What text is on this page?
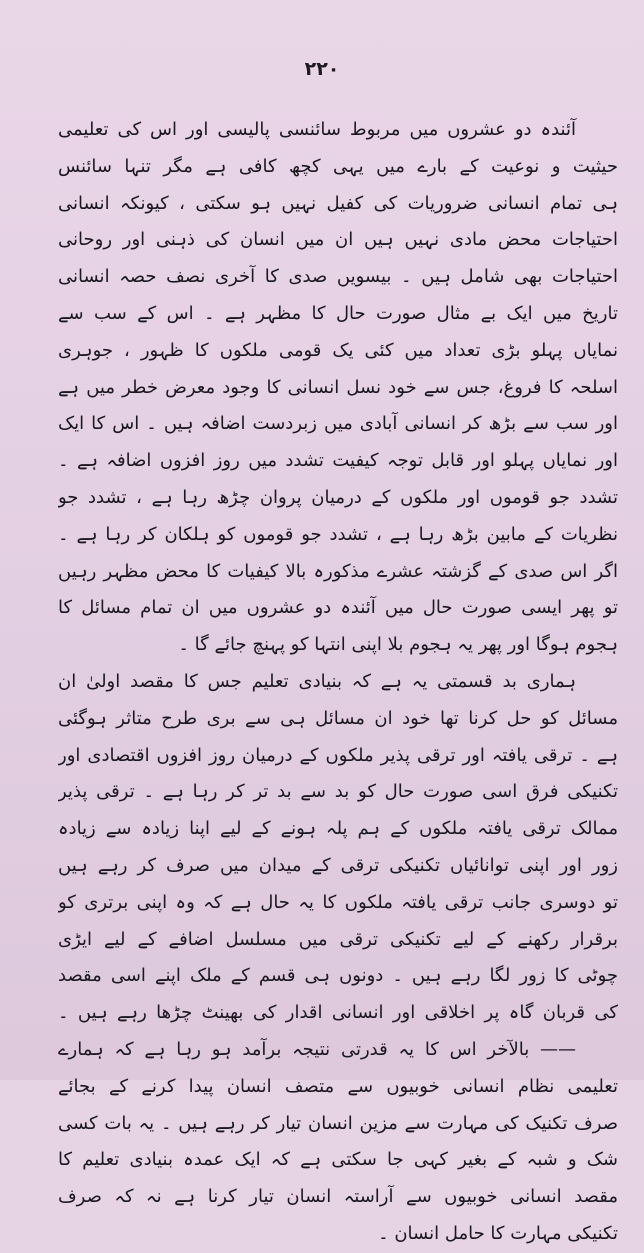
۲۲۰
آئندہ دو عشروں میں مربوط سائنسی پالیسی اور اس کی تعلیمی
حیثیت و نوعیت کے بارے میں یہی کچھ کافی ہے مگر تنہا سائنس
ہی تمام انسانی ضروریات کی کفیل نہیں ہو سکتی ، کیونکہ انسانی
احتیاجات محض مادی نہیں ہیں ان میں انسان کی ذہنی اور روحانی
احتیاجات بھی شامل ہیں ۔ بیسویں صدی کا آخری نصف حصہ انسانی
تاریخ میں ایک بے مثال صورت حال کا مظہر ہے ۔ اس کے سب سے
نمایاں پہلو بڑی تعداد میں کئی یک قومی ملکوں کا ظہور ، جوہری
اسلحہ کا فروغ، جس سے خود نسل انسانی کا وجود معرض خطر میں ہے
اور سب سے بڑھ کر انسانی آبادی میں زبردست اضافہ ہیں ۔ اس کا ایک
اور نمایاں پہلو اور قابل توجہ کیفیت تشدد میں روز افزوں اضافہ ہے ۔
تشدد جو قوموں اور ملکوں کے درمیان پروان چڑھ رہا ہے ، تشدد جو
نظریات کے مابین بڑھ رہا ہے ، تشدد جو قوموں کو ہلکان کر رہا ہے ۔
اگر اس صدی کے گزشتہ عشرے مذکورہ بالا کیفیات کا محض مظہر رہیں
تو پھر ایسی صورت حال میں آئندہ دو عشروں میں ان تمام مسائل کا
ہجوم ہوگا اور پھر یہ ہجوم بلا اپنی انتہا کو پہنچ جائے گا ۔
ہماری بد قسمتی یہ ہے کہ بنیادی تعلیم جس کا مقصد اولیٰ ان
مسائل کو حل کرنا تھا خود ان مسائل ہی سے بری طرح متاثر ہوگئی
ہے ۔ ترقی یافتہ اور ترقی پذیر ملکوں کے درمیان روز افزوں اقتصادی اور
تکنیکی فرق اسی صورت حال کو بد سے بد تر کر رہا ہے ۔ ترقی پذیر
ممالک ترقی یافتہ ملکوں کے ہم پلہ ہونے کے لیے اپنا زیادہ سے زیادہ
زور اور اپنی توانائیاں تکنیکی ترقی کے میدان میں صرف کر رہے ہیں
تو دوسری جانب ترقی یافتہ ملکوں کا یہ حال ہے کہ وہ اپنی برتری کو
برقرار رکھنے کے لیے تکنیکی ترقی میں مسلسل اضافے کے لیے ایڑی
چوٹی کا زور لگا رہے ہیں ۔ دونوں ہی قسم کے ملک اپنے اسی مقصد
کی قربان گاہ پر اخلاقی اور انسانی اقدار کی بھینٹ چڑھا رہے ہیں ۔
—— بالآخر اس کا یہ قدرتی نتیجہ برآمد ہو رہا ہے کہ ہمارے
تعلیمی نظام انسانی خوبیوں سے متصف انسان پیدا کرنے کے بجائے
صرف تکنیک کی مہارت سے مزین انسان تیار کر رہے ہیں ۔ یہ بات کسی
شک و شبہ کے بغیر کہی جا سکتی ہے کہ ایک عمدہ بنیادی تعلیم کا
مقصد انسانی خوبیوں سے آراستہ انسان تیار کرنا ہے نہ کہ صرف
تکنیکی مہارت کا حامل انسان ۔
